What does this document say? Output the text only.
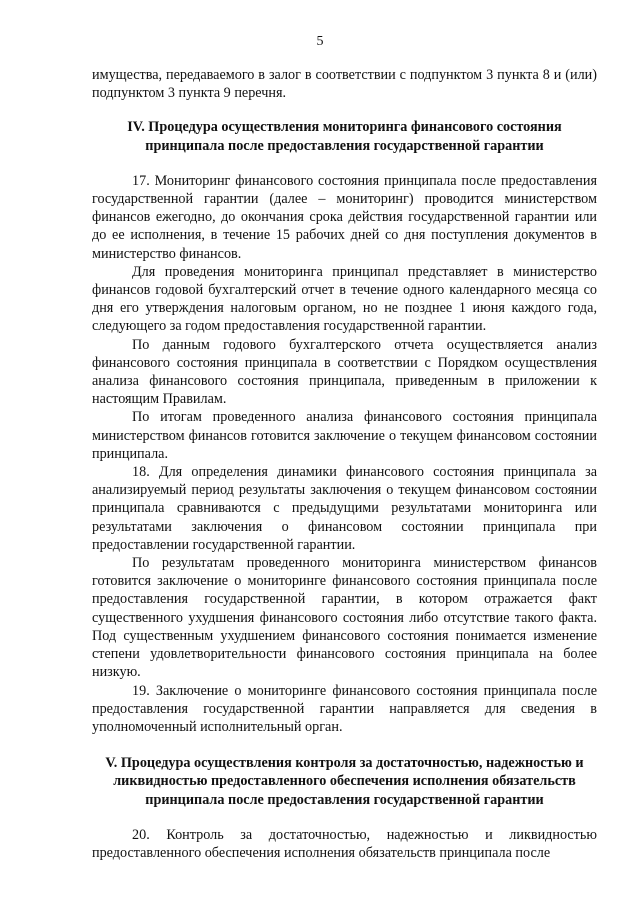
5

имущества, передаваемого в залог в соответствии с подпунктом 3 пункта 8 и (или) подпунктом 3 пункта 9 перечня.

IV. Процедура осуществления мониторинга финансового состояния принципала после предоставления государственной гарантии

17. Мониторинг финансового состояния принципала после предоставления государственной гарантии (далее – мониторинг) проводится министерством финансов ежегодно, до окончания срока действия государственной гарантии или до ее исполнения, в течение 15 рабочих дней со дня поступления документов в министерство финансов.

Для проведения мониторинга принципал представляет в министерство финансов годовой бухгалтерский отчет в течение одного календарного месяца со дня его утверждения налоговым органом, но не позднее 1 июня каждого года, следующего за годом предоставления государственной гарантии.

По данным годового бухгалтерского отчета осуществляется анализ финансового состояния принципала в соответствии с Порядком осуществления анализа финансового состояния принципала, приведенным в приложении к настоящим Правилам.

По итогам проведенного анализа финансового состояния принципала министерством финансов готовится заключение о текущем финансовом состоянии принципала.

18. Для определения динамики финансового состояния принципала за анализируемый период результаты заключения о текущем финансовом состоянии принципала сравниваются с предыдущими результатами мониторинга или результатами заключения о финансовом состоянии принципала при предоставлении государственной гарантии.

По результатам проведенного мониторинга министерством финансов готовится заключение о мониторинге финансового состояния принципала после предоставления государственной гарантии, в котором отражается факт существенного ухудшения финансового состояния либо отсутствие такого факта. Под существенным ухудшением финансового состояния понимается изменение степени удовлетворительности финансового состояния принципала на более низкую.

19. Заключение о мониторинге финансового состояния принципала после предоставления государственной гарантии направляется для сведения в уполномоченный исполнительный орган.

V. Процедура осуществления контроля за достаточностью, надежностью и ликвидностью предоставленного обеспечения исполнения обязательств принципала после предоставления государственной гарантии

20. Контроль за достаточностью, надежностью и ликвидностью предоставленного обеспечения исполнения обязательств принципала после
